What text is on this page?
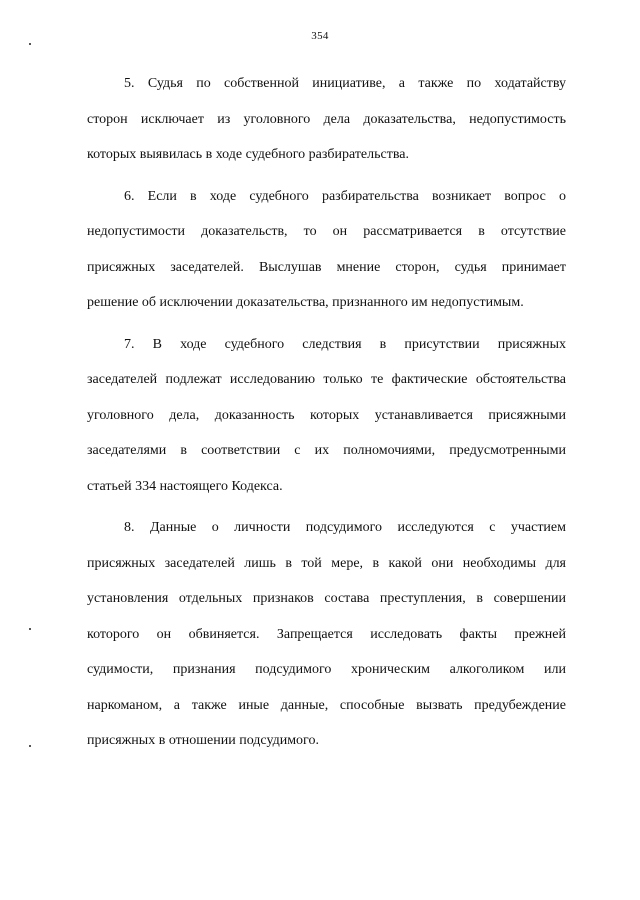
354
5. Судья по собственной инициативе, а также по ходатайству
сторон исключает из уголовного дела доказательства, недопустимость
которых выявилась в ходе судебного разбирательства.
6. Если в ходе судебного разбирательства возникает вопрос о
недопустимости доказательств, то он рассматривается в отсутствие
присяжных заседателей. Выслушав мнение сторон, судья принимает
решение об исключении доказательства, признанного им недопустимым.
7. В ходе судебного следствия в присутствии присяжных
заседателей подлежат исследованию только те фактические обстоятельства
уголовного дела, доказанность которых устанавливается присяжными
заседателями в соответствии с их полномочиями, предусмотренными
статьей 334 настоящего Кодекса.
8. Данные о личности подсудимого исследуются с участием
присяжных заседателей лишь в той мере, в какой они необходимы для
установления отдельных признаков состава преступления, в совершении
которого он обвиняется. Запрещается исследовать факты прежней
судимости, признания подсудимого хроническим алкоголиком или
наркоманом, а также иные данные, способные вызвать предубеждение
присяжных в отношении подсудимого.
